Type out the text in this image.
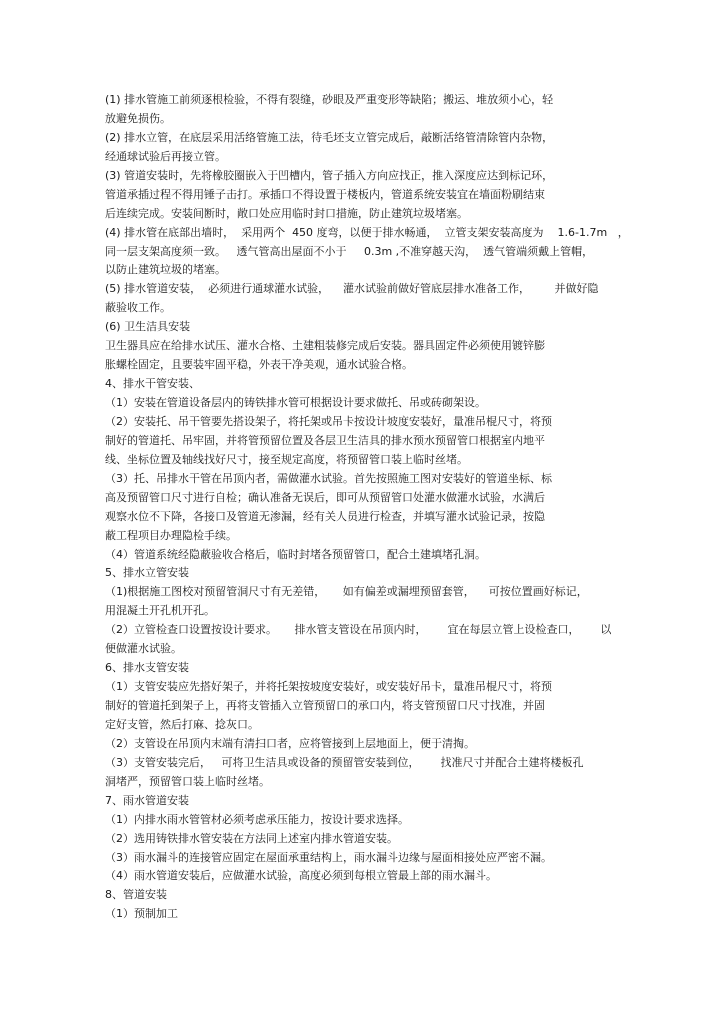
(1) 排水管施工前须逐根检验，不得有裂缝，砂眼及严重变形等缺陷；搬运、堆放须小心，轻
放避免损伤。
(2) 排水立管，在底层采用活络管施工法，待毛坯支立管完成后，敲断活络管清除管内杂物，
经通球试验后再接立管。
(3) 管道安装时，先将橡胶圈嵌入于凹槽内，管子插入方向应找正，推入深度应达到标记环，
管道承插过程不得用锤子击打。承插口不得设置于楼板内，管道系统安装宜在墙面粉刷结束
后连续完成。安装间断时，敞口处应用临时封口措施，防止建筑垃圾堵塞。
(4) 排水管在底部出墙时，  采用两个  450 度弯，以便于排水畅通，  立管支架安装高度为    1.6-1.7m   ，
同一层支架高度须一致。   透气管高出屋面不小于     0.3m ,不准穿越天沟，  透气管端须戴上管帽，
以防止建筑垃圾的堵塞。
(5) 排水管道安装，  必须进行通球灌水试验，    灌水试验前做好管底层排水准备工作，       并做好隐
蔽验收工作。
(6) 卫生洁具安装
卫生器具应在给排水试压、灌水合格、土建粗装修完成后安装。器具固定件必须使用镀锌膨
胀螺栓固定，且要装牢固平稳，外表干净美观，通水试验合格。
4、排水干管安装、
（1）安装在管道设备层内的铸铁排水管可根据设计要求做托、吊或砖砌架设。
（2）安装托、吊干管要先搭设架子，将托架或吊卡按设计坡度安装好，量准吊棍尺寸，将预
制好的管道托、吊牢固，并将管预留位置及各层卫生洁具的排水预水预留管口根据室内地平
线、坐标位置及轴线找好尺寸，接至规定高度，将预留管口装上临时丝堵。
（3）托、吊排水干管在吊顶内者，需做灌水试验。首先按照施工图对安装好的管道坐标、标
高及预留管口尺寸进行自检；确认准备无误后，即可从预留管口处灌水做灌水试验，水满后
观察水位不下降，各接口及管道无渗漏，经有关人员进行检查，并填写灌水试验记录，按隐
蔽工程项目办理隐检手续。
（4）管道系统经隐蔽验收合格后，临时封堵各预留管口，配合土建填堵孔洞。
5、排水立管安装
（1)根据施工图校对预留管洞尺寸有无差错，     如有偏差或漏埋预留套管，    可按位置画好标记，
用混凝土开孔机开孔。
（2）立管检查口设置按设计要求。     排水管支管设在吊顶内时，      宜在每层立管上设检查口，      以
便做灌水试验。
6、排水支管安装
（1）支管安装应先搭好架子，并将托架按坡度安装好，或安装好吊卡，量准吊棍尺寸，将预
制好的管道托到架子上，再将支管插入立管预留口的承口内，将支管预留口尺寸找准，并固
定好支管，然后打麻、捻灰口。
（2）支管设在吊顶内末端有清扫口者，应将管接到上层地面上，便于清掏。
（3）支管安装完后，   可将卫生洁具或设备的预留管安装到位，      找准尺寸并配合土建将楼板孔
洞堵严，预留管口装上临时丝堵。
7、雨水管道安装
（1）内排水雨水管管材必须考虑承压能力，按设计要求选择。
（2）选用铸铁排水管安装在方法同上述室内排水管道安装。
（3）雨水漏斗的连接管应固定在屋面承重结构上，雨水漏斗边缘与屋面相接处应严密不漏。
（4）雨水管道安装后，应做灌水试验，高度必须到每根立管最上部的雨水漏斗。
8、管道安装
（1）预制加工
